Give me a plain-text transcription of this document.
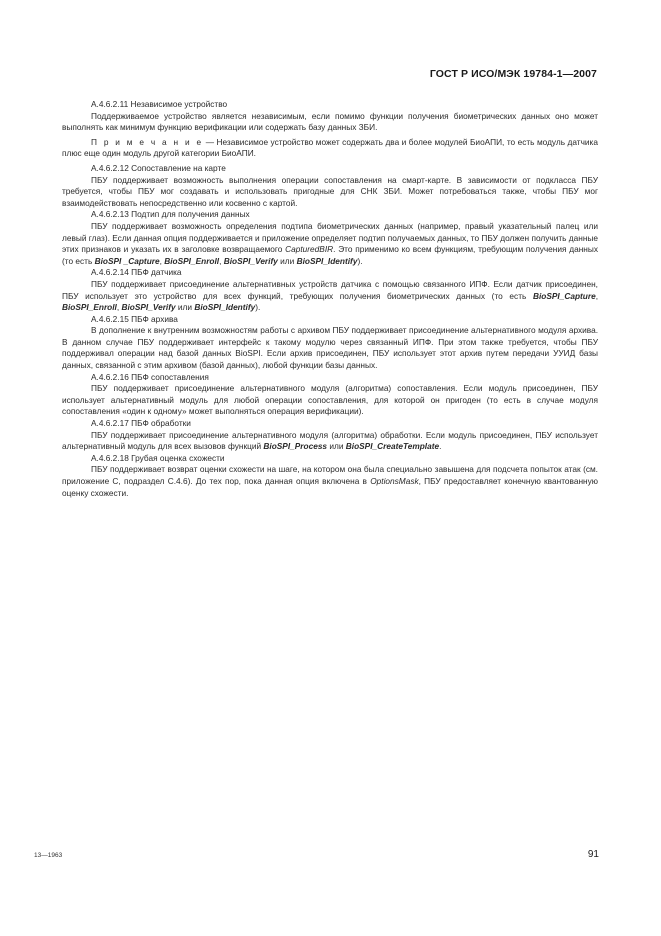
ГОСТ Р ИСО/МЭК 19784-1—2007

А.4.6.2.11 Независимое устройство

Поддерживаемое устройство является независимым, если помимо функции получения биометрических данных оно может выполнять как минимум функцию верификации или содержать базу данных ЗБИ.

П р и м е ч а н и е — Независимое устройство может содержать два и более модулей БиоАПИ, то есть модуль датчика плюс еще один модуль другой категории БиоАПИ.

А.4.6.2.12 Сопоставление на карте

ПБУ поддерживает возможность выполнения операции сопоставления на смарт-карте. В зависимости от подкласса ПБУ требуется, чтобы ПБУ мог создавать и использовать пригодные для СНК ЗБИ. Может потребоваться также, чтобы ПБУ мог взаимодействовать непосредственно или косвенно с картой.

А.4.6.2.13 Подтип для получения данных

ПБУ поддерживает возможность определения подтипа биометрических данных (например, правый указательный палец или левый глаз). Если данная опция поддерживается и приложение определяет подтип получаемых данных, то ПБУ должен получить данные этих признаков и указать их в заголовке возвращаемого CapturedBIR. Это применимо ко всем функциям, требующим получения данных (то есть BioSPI _Capture, BioSPI_Enroll, BioSPI_Verify или BioSPI_Identify).

А.4.6.2.14 ПБФ датчика

ПБУ поддерживает присоединение альтернативных устройств датчика с помощью связанного ИПФ. Если датчик присоединен, ПБУ использует это устройство для всех функций, требующих получения биометрических данных (то есть BioSPI_Capture, BioSPI_Enroll, BioSPI_Verify или BioSPI_Identify).

А.4.6.2.15 ПБФ архива

В дополнение к внутренним возможностям работы с архивом ПБУ поддерживает присоединение альтернативного модуля архива. В данном случае ПБУ поддерживает интерфейс к такому модулю через связанный ИПФ. При этом также требуется, чтобы ПБУ поддерживал операции над базой данных BioSPI. Если архив присоединен, ПБУ использует этот архив путем передачи УУИД базы данных, связанной с этим архивом (базой данных), любой функции базы данных.

А.4.6.2.16 ПБФ сопоставления

ПБУ поддерживает присоединение альтернативного модуля (алгоритма) сопоставления. Если модуль присоединен, ПБУ использует альтернативный модуль для любой операции сопоставления, для которой он пригоден (то есть в случае модуля сопоставления «один к одному» может выполняться операция верификации).

А.4.6.2.17 ПБФ обработки

ПБУ поддерживает присоединение альтернативного модуля (алгоритма) обработки. Если модуль присоединен, ПБУ использует альтернативный модуль для всех вызовов функций BioSPI_Process или BioSPI_CreateTemplate.

А.4.6.2.18 Грубая оценка схожести

ПБУ поддерживает возврат оценки схожести на шаге, на котором она была специально завышена для подсчета попыток атак (см. приложение С, подраздел С.4.6). До тех пор, пока данная опция включена в OptionsMask, ПБУ предоставляет конечную квантованную оценку схожести.

13—1963	91
